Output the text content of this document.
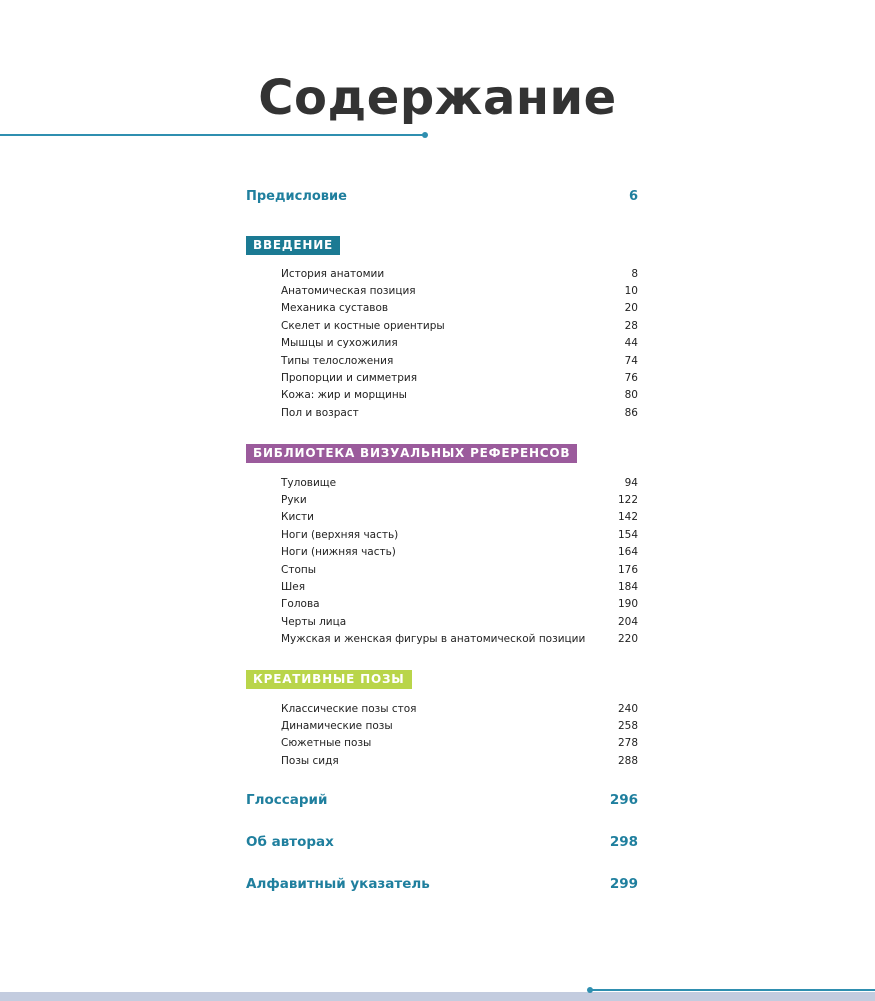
Содержание
Предисловие	6
ВВЕДЕНИЕ
История анатомии	8
Анатомическая позиция	10
Механика суставов	20
Скелет и костные ориентиры	28
Мышцы и сухожилия	44
Типы телосложения	74
Пропорции и симметрия	76
Кожа: жир и морщины	80
Пол и возраст	86
БИБЛИОТЕКА ВИЗУАЛЬНЫХ РЕФЕРЕНСОВ
Туловище	94
Руки	122
Кисти	142
Ноги (верхняя часть)	154
Ноги (нижняя часть)	164
Стопы	176
Шея	184
Голова	190
Черты лица	204
Мужская и женская фигуры в анатомической позиции	220
КРЕАТИВНЫЕ ПОЗЫ
Классические позы стоя	240
Динамические позы	258
Сюжетные позы	278
Позы сидя	288
Глоссарий	296
Об авторах	298
Алфавитный указатель	299
